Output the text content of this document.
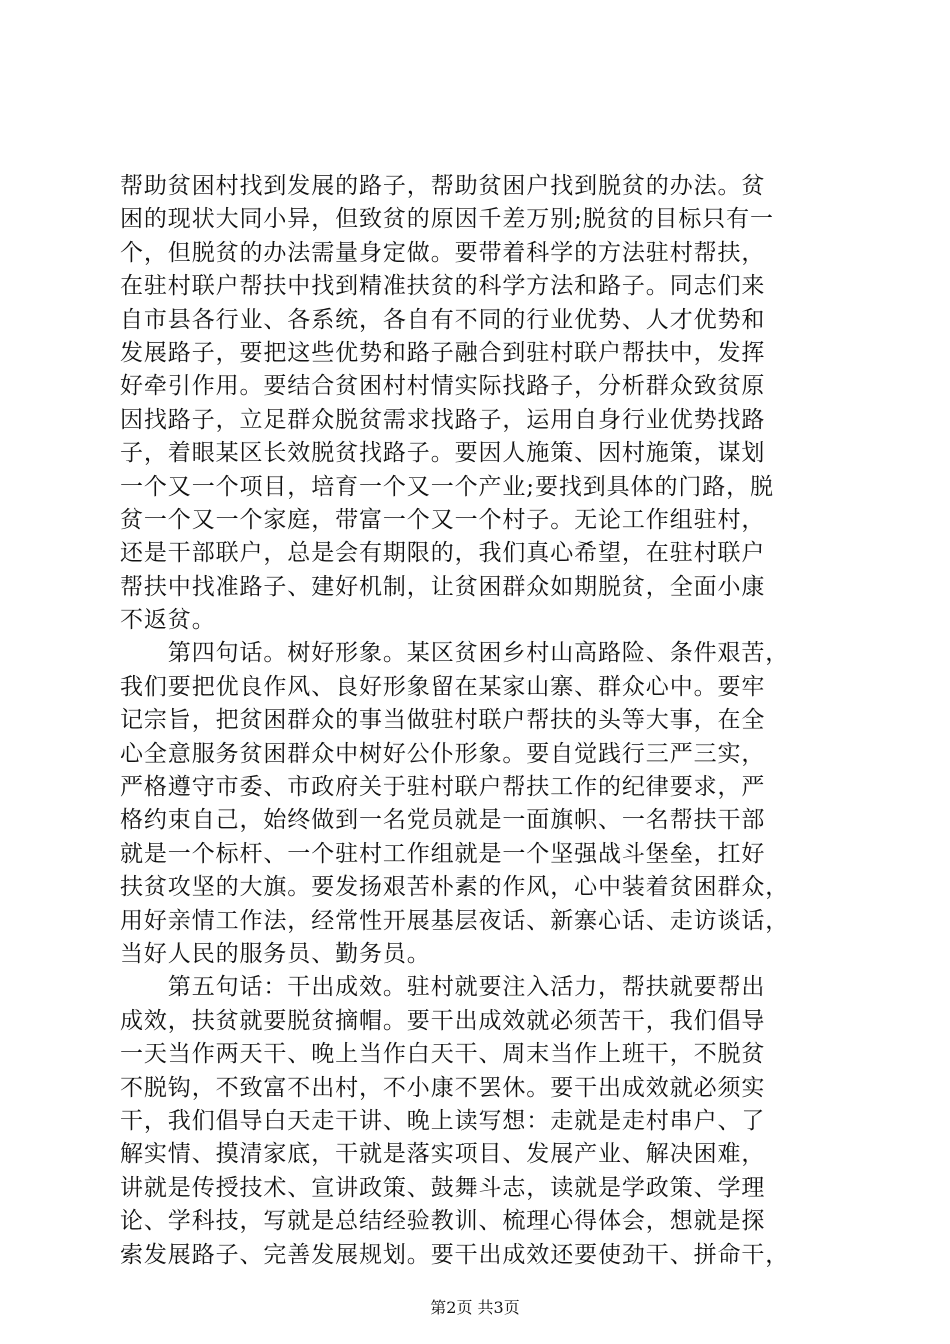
帮助贫困村找到发展的路子，帮助贫困户找到脱贫的办法。贫
困的现状大同小异，但致贫的原因千差万别;脱贫的目标只有一
个，但脱贫的办法需量身定做。要带着科学的方法驻村帮扶，
在驻村联户帮扶中找到精准扶贫的科学方法和路子。同志们来
自市县各行业、各系统，各自有不同的行业优势、人才优势和
发展路子，要把这些优势和路子融合到驻村联户帮扶中，发挥
好牵引作用。要结合贫困村村情实际找路子，分析群众致贫原
因找路子，立足群众脱贫需求找路子，运用自身行业优势找路
子，着眼某区长效脱贫找路子。要因人施策、因村施策，谋划
一个又一个项目，培育一个又一个产业;要找到具体的门路，脱
贫一个又一个家庭，带富一个又一个村子。无论工作组驻村，
还是干部联户，总是会有期限的，我们真心希望，在驻村联户
帮扶中找准路子、建好机制，让贫困群众如期脱贫，全面小康
不返贫。
　　第四句话。树好形象。某区贫困乡村山高路险、条件艰苦，
我们要把优良作风、良好形象留在某家山寨、群众心中。要牢
记宗旨，把贫困群众的事当做驻村联户帮扶的头等大事，在全
心全意服务贫困群众中树好公仆形象。要自觉践行三严三实，
严格遵守市委、市政府关于驻村联户帮扶工作的纪律要求，严
格约束自己，始终做到一名党员就是一面旗帜、一名帮扶干部
就是一个标杆、一个驻村工作组就是一个坚强战斗堡垒，扛好
扶贫攻坚的大旗。要发扬艰苦朴素的作风，心中装着贫困群众，
用好亲情工作法，经常性开展基层夜话、新寨心话、走访谈话，
当好人民的服务员、勤务员。
　　第五句话：干出成效。驻村就要注入活力，帮扶就要帮出
成效，扶贫就要脱贫摘帽。要干出成效就必须苦干，我们倡导
一天当作两天干、晚上当作白天干、周末当作上班干，不脱贫
不脱钩，不致富不出村，不小康不罢休。要干出成效就必须实
干，我们倡导白天走干讲、晚上读写想：走就是走村串户、了
解实情、摸清家底，干就是落实项目、发展产业、解决困难，
讲就是传授技术、宣讲政策、鼓舞斗志，读就是学政策、学理
论、学科技，写就是总结经验教训、梳理心得体会，想就是探
索发展路子、完善发展规划。要干出成效还要使劲干、拼命干，
第2页 共3页
